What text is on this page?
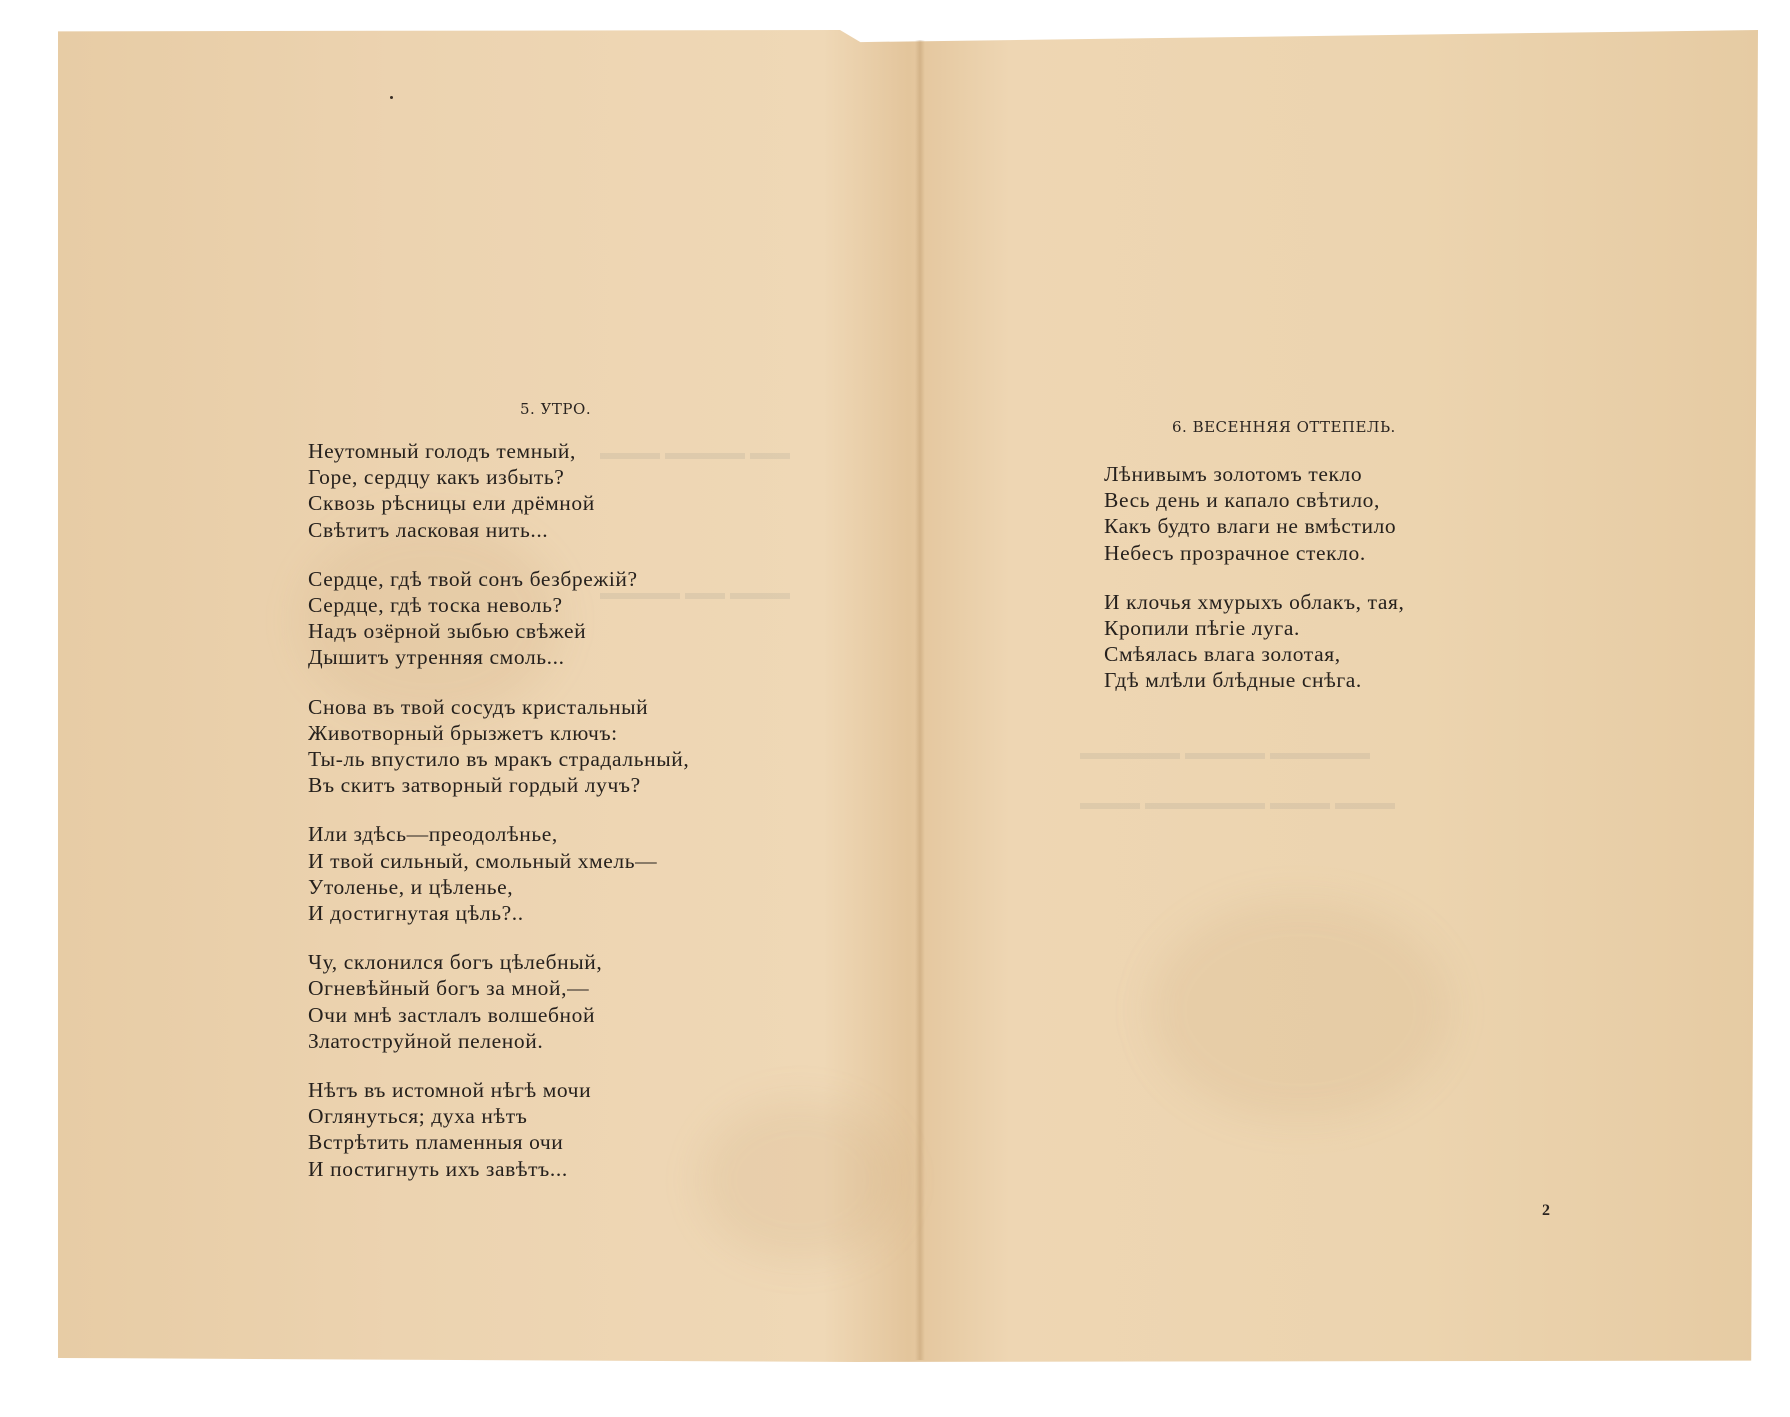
▬▬▬ ▬▬▬▬ ▬▬
▬▬▬▬ ▬▬ ▬▬▬
▬▬▬▬▬ ▬▬▬▬ ▬▬▬▬▬
▬▬▬ ▬▬▬▬▬▬ ▬▬▬ ▬▬▬
5. УТРО.
Неутомный голодъ темный,
Горе, сердцу какъ избыть?
Сквозь рѣсницы ели дрёмной
Свѣтитъ ласковая нить...
Сердце, гдѣ твой сонъ безбрежій?
Сердце, гдѣ тоска неволь?
Надъ озёрной зыбью свѣжей
Дышитъ утренняя смоль...
Снова въ твой сосудъ кристальный
Животворный брызжетъ ключъ:
Ты-ль впустило въ мракъ страдальный,
Въ скитъ затворный гордый лучъ?
Или здѣсь—преодолѣнье,
И твой сильный, смольный хмель—
Утоленье, и цѣленье,
И достигнутая цѣль?..
Чу, склонился богъ цѣлебный,
Огневѣйный богъ за мной,—
Очи мнѣ застлалъ волшебной
Златоструйной пеленой.
Нѣтъ въ истомной нѣгѣ мочи
Оглянуться; духа нѣтъ
Встрѣтить пламенныя очи
И постигнуть ихъ завѣтъ...
6. ВЕСЕННЯЯ ОТТЕПЕЛЬ.
Лѣнивымъ золотомъ текло
Весь день и капало свѣтило,
Какъ будто влаги не вмѣстило
Небесъ прозрачное стекло.
И клочья хмурыхъ облакъ, тая,
Кропили пѣгіе луга.
Смѣялась влага золотая,
Гдѣ млѣли блѣдные снѣга.
2
